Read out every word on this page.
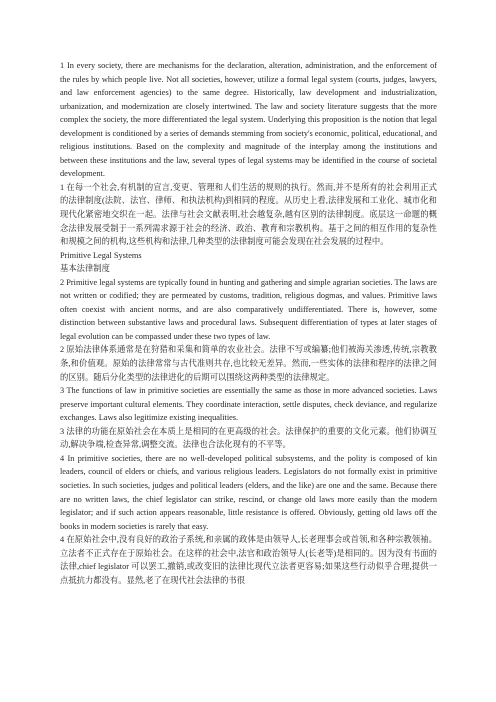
1 In every society, there are mechanisms for the declaration, alteration, administration, and the enforcement of the rules by which people live. Not all societies, however, utilize a formal legal system (courts, judges, lawyers, and law enforcement agencies) to the same degree. Historically, law development and industrialization, urbanization, and modernization are closely intertwined. The law and society literature suggests that the more complex the society, the more differentiated the legal system. Underlying this proposition is the notion that legal development is conditioned by a series of demands stemming from society's economic, political, educational, and religious institutions. Based on the complexity and magnitude of the interplay among the institutions and between these institutions and the law, several types of legal systems may be identified in the course of societal development.

1 在每一个社会,有机制的宣言,变更、管理和人们生活的规则的执行。然而,并不是所有的社会利用正式的法律制度(法院、法官、律师、和执法机构)到相同的程度。从历史上看,法律发展和工业化、城市化和现代化紧密地交织在一起。法律与社会文献表明,社会越复杂,越有区别的法律制度。底层这一命题的概念法律发展受制于一系列需求源于社会的经济、政治、教育和宗教机构。基于之间的相互作用的复杂性和规模之间的机构,这些机构和法律,几种类型的法律制度可能会发现在社会发展的过程中。

Primitive Legal Systems

基本法律制度

2 Primitive legal systems are typically found in hunting and gathering and simple agrarian societies. The laws are not written or codified; they are permeated by customs, tradition, religious dogmas, and values. Primitive laws often coexist with ancient norms, and are also comparatively undifferentiated. There is, however, some distinction between substantive laws and procedural laws. Subsequent differentiation of types at later stages of legal evolution can be compassed under these two types of law.

2 原始法律体系通常是在狩猎和采集和简单的农业社会。法律不写或编纂;他们被海关渗透,传统,宗教教条,和价值观。原始的法律常常与古代准则共存,也比较无差异。然而,一些实体的法律和程序的法律之间的区别。随后分化类型的法律进化的后期可以围绕这两种类型的法律规定。

3 The functions of law in primitive societies are essentially the same as those in more advanced societies. Laws preserve important cultural elements. They coordinate interaction, settle disputes, check deviance, and regularize exchanges. Laws also legitimize existing inequalities.

3 法律的功能在原始社会在本质上是相同的在更高级的社会。法律保护的重要的文化元素。他们协调互动,解决争端,检查异常,调整交流。法律也合法化现有的不平等。

4 In primitive societies, there are no well-developed political subsystems, and the polity is composed of kin leaders, council of elders or chiefs, and various religious leaders. Legislators do not formally exist in primitive societies. In such societies, judges and political leaders (elders, and the like) are one and the same. Because there are no written laws, the chief legislator can strike, rescind, or change old laws more easily than the modern legislator; and if such action appears reasonable, little resistance is offered. Obviously, getting old laws off the books in modern societies is rarely that easy.

4 在原始社会中,没有良好的政治子系统,和亲属的政体是由领导人,长老理事会或首领,和各种宗教领袖。立法者不正式存在于原始社会。在这样的社会中,法官和政治领导人(长老等)是相同的。因为没有书面的法律,chief legislator 可以罢工,撤销,或改变旧的法律比现代立法者更容易;如果这些行动似乎合理,提供一点抵抗力都没有。显然,老了在现代社会法律的书很
